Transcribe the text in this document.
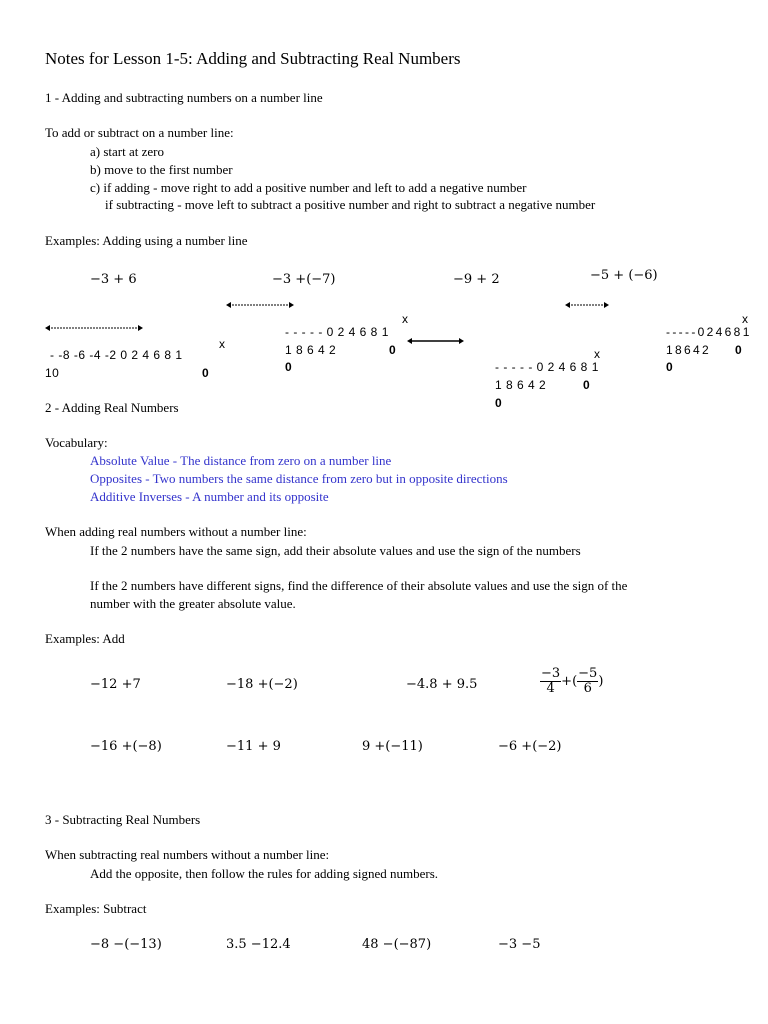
Notes for Lesson 1-5: Adding and Subtracting Real Numbers
1 - Adding and subtracting numbers on a number line
To add or subtract on a number line:
a) start at zero
b) move to the first number
c) if adding - move right to add a positive number and left to add a negative number
if subtracting - move left to subtract a positive number and right to subtract a negative number
Examples: Adding using a number line
−3 + 6	−3 +(−7)	−9 + 2	−5 + (−6)
- -8 -6 -4 -2 0 2 4 6 8 1
x
10	0
- - - - - 0 2 4 6 8 1
x
1 8 6 4 2	0
0	- - - - - 0 2 4 6 8 1
x
1 8 6 4 2	0
0
- - - - - 0 2 4 6 8 1
x
1 8 6 4 2 0
0
2 - Adding Real Numbers
Vocabulary:
Absolute Value - The distance from zero on a number line
Opposites - Two numbers the same distance from zero but in opposite directions
Additive Inverses - A number and its opposite
When adding real numbers without a number line:
If the 2 numbers have the same sign, add their absolute values and use the sign of the numbers
If the 2 numbers have different signs, find the difference of their absolute values and use the sign of the
number with the greater absolute value.
Examples: Add
−12 +7	−18 +(−2)	−4.8 + 9.5	$\frac{-3}{4}$ +( $\frac{-5}{6}$ )
−16 +(−8)	−11 + 9	9 +(−11)	−6 +(−2)
3 - Subtracting Real Numbers
When subtracting real numbers without a number line:
Add the opposite, then follow the rules for adding signed numbers.
Examples: Subtract
−8 −(−13)	3.5 −12.4	48 −(−87)	−3 −5
